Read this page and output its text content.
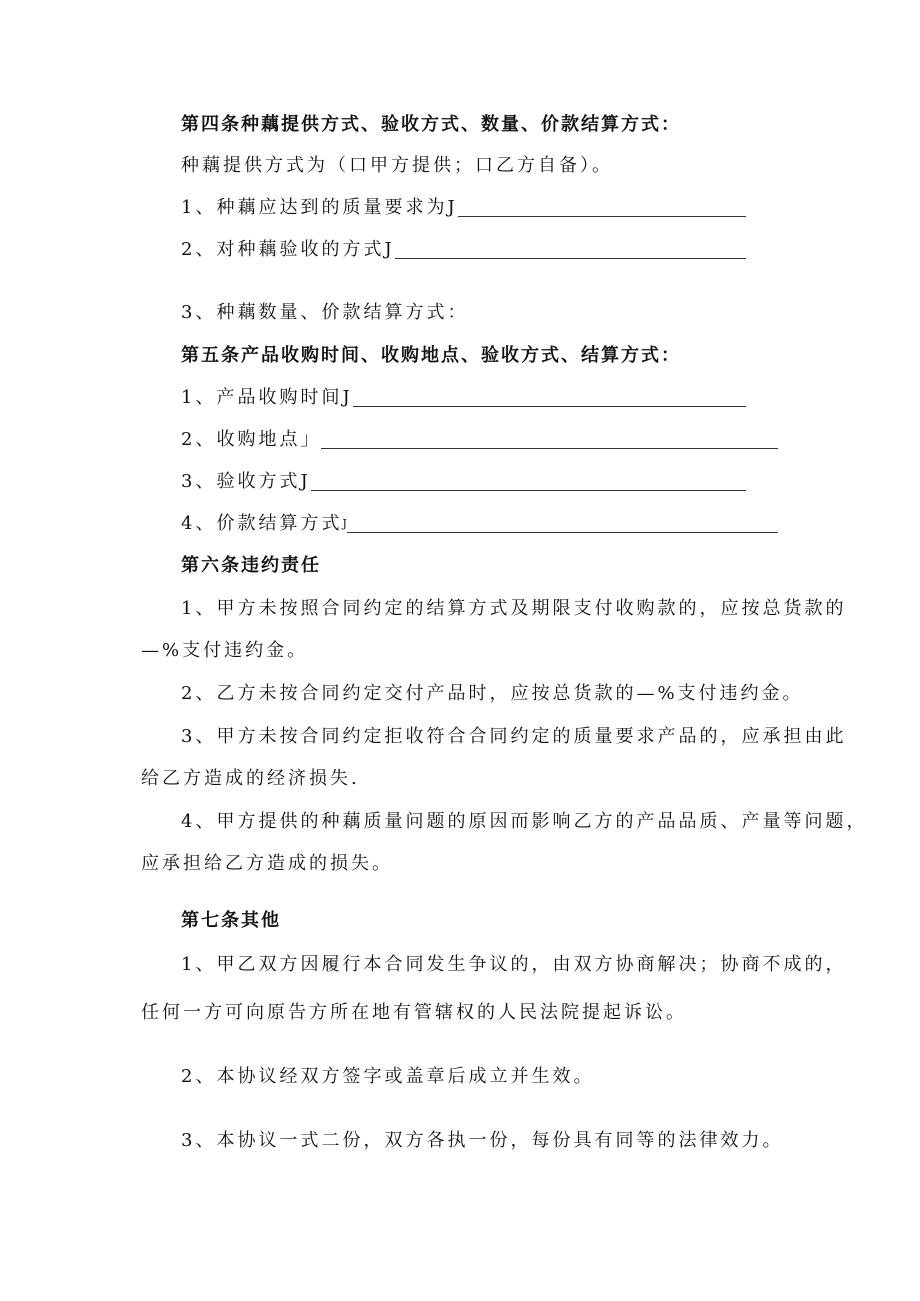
第四条种藕提供方式、验收方式、数量、价款结算方式：
种藕提供方式为（口甲方提供；口乙方自备）。
1、种藕应达到的质量要求为J
2、对种藕验收的方式J
3、种藕数量、价款结算方式：
第五条产品收购时间、收购地点、验收方式、结算方式：
1、产品收购时间J
2、收购地点」
3、验收方式J
4、价款结算方式 J
第六条违约责任
1、甲方未按照合同约定的结算方式及期限支付收购款的，应按总货款的
—%支付违约金。
2、乙方未按合同约定交付产品时，应按总货款的—%支付违约金。
3、甲方未按合同约定拒收符合合同约定的质量要求产品的，应承担由此
给乙方造成的经济损失.
4、甲方提供的种藕质量问题的原因而影响乙方的产品品质、产量等问题，
应承担给乙方造成的损失。
第七条其他
1、甲乙双方因履行本合同发生争议的，由双方协商解决；协商不成的，
任何一方可向原告方所在地有管辖权的人民法院提起诉讼。
2、本协议经双方签字或盖章后成立并生效。
3、本协议一式二份，双方各执一份，每份具有同等的法律效力。
